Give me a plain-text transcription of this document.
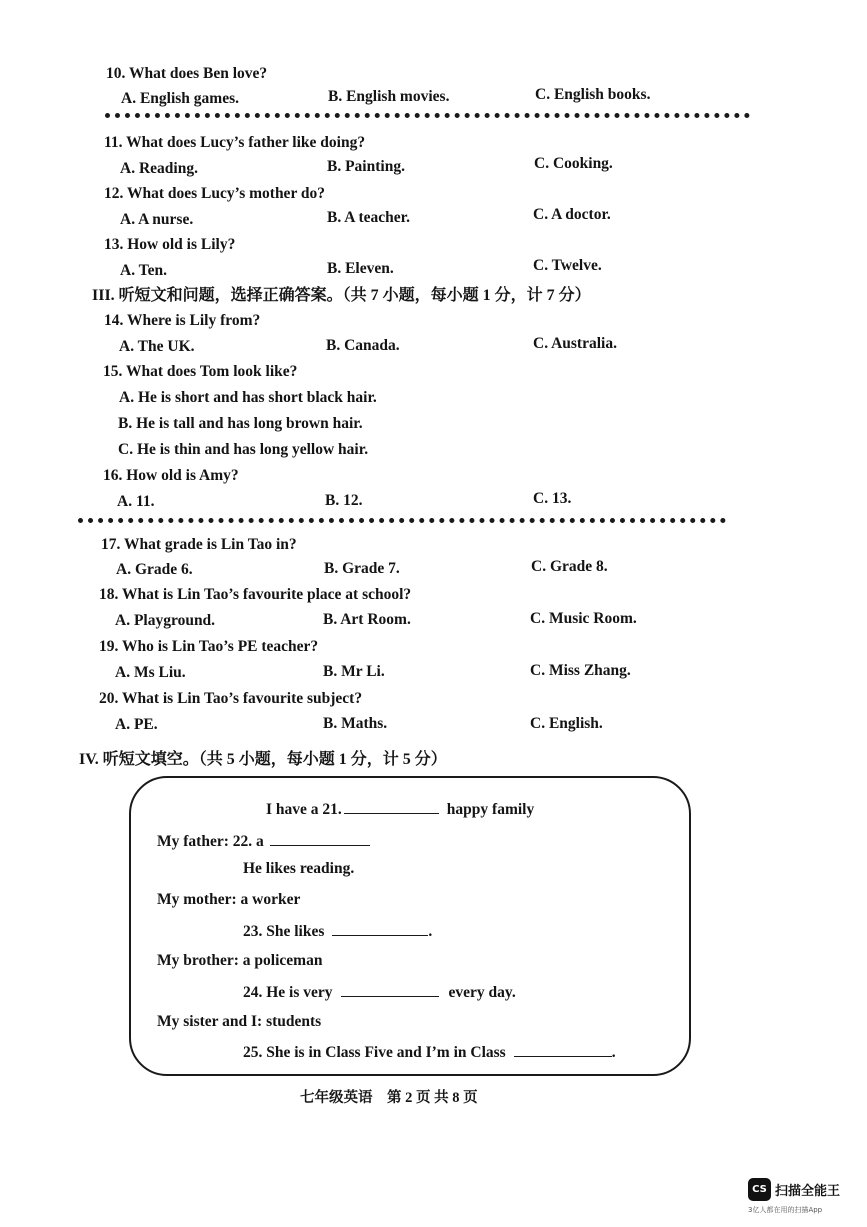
10. What does Ben love?
A. English games.	B. English movies.	C. English books.
11. What does Lucy’s father like doing?
A. Reading.	B. Painting.	C. Cooking.
12. What does Lucy’s mother do?
A. A nurse.	B. A teacher.	C. A doctor.
13. How old is Lily?
A. Ten.	B. Eleven.	C. Twelve.
III. 听短文和问题，选择正确答案。（共 7 小题，每小题 1 分，计 7 分）
14. Where is Lily from?
A. The UK.	B. Canada.	C. Australia.
15. What does Tom look like?
A. He is short and has short black hair.
B. He is tall and has long brown hair.
C. He is thin and has long yellow hair.
16. How old is Amy?
A. 11.	B. 12.	C. 13.
17. What grade is Lin Tao in?
A. Grade 6.	B. Grade 7.	C. Grade 8.
18. What is Lin Tao’s favourite place at school?
A. Playground.	B. Art Room.	C. Music Room.
19. Who is Lin Tao’s PE teacher?
A. Ms Liu.	B. Mr Li.	C. Miss Zhang.
20. What is Lin Tao’s favourite subject?
A. PE.	B. Maths.	C. English.
IV. 听短文填空。（共 5 小题，每小题 1 分，计 5 分）
I have a 21.	happy family
My father: 22. a
He likes reading.
My mother: a worker
23. She likes	.
My brother: a policeman
24. He is very	every day.
My sister and I: students
25. She is in Class Five and I’m in Class	.
七年级英语　第 2 页 共 8 页
CS 扫描全能王
3亿人都在用的扫描App
